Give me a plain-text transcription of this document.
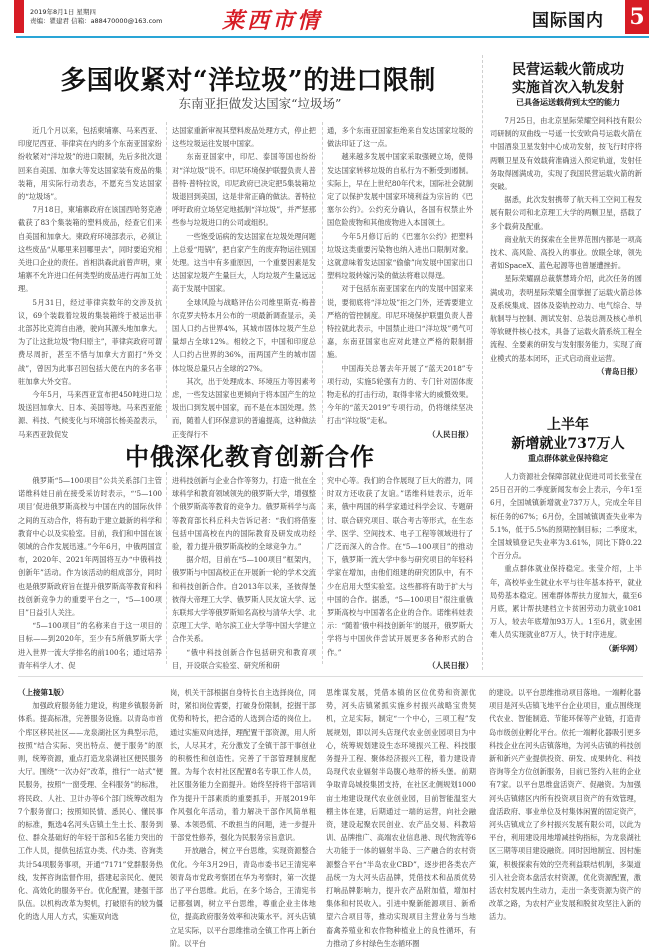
2019年8月1日 星期四
责编：瞿建君 信箱：a88470000@163.com	莱西市情	国际国内 5
多国收紧对“洋垃圾”的进口限制
东南亚拒做发达国家“垃圾场”

近几个月以来，包括柬埔寨、马来西亚、印度尼西亚、菲律宾在内的多个东南亚国家纷纷收紧对“洋垃圾”的进口限制，先后多批次退回来自美国、加拿大等发达国家装有废品的集装箱，用实际行动表态，不愿充当发达国家的“垃圾场”。

7月18日，柬埔寨政府在该国西哈努克港截获了83个集装箱的塑料废品，经查它们来自美国和加拿大。柬政府环境部表示，必须让这些废品“从哪里来回哪里去”，同时要追究相关进口企业的责任。首相洪森此前曾声明，柬埔寨不允许进口任何类型的废品进行再加工处理。

5月31日，经过菲律宾数年的交涉及抗议，69个装载着垃圾的集装箱终于被运出菲北部苏比克湾自由港，驶向其源头地加拿大。为了让这批垃圾“物归原主”，菲律宾政府可谓费尽周折，甚至不惜与加拿大方面打“外交战”，曾因为此事召回包括大使在内的多名菲驻加拿大外交官。

今年5月，马来西亚宣布把450吨进口垃圾送回加拿大、日本、美国等地。马来西亚能源、科技、气候变化与环境部长杨美盈表示，马来西亚敦促发

达国家重新审视其塑料废品处理方式，停止把这些垃圾运往发展中国家。

东南亚国家中，印尼、泰国等国也纷纷对“洋垃圾”说不。印尼环境保护联盟负责人普普特·普特拉说，印尼政府已决定把5集装箱垃圾退回到美国，这是非常正确的做法。普特拉呼吁政府立场坚定地抵制“洋垃圾”，并严惩那些参与垃圾进口的公司或组织。

一些饱受诟病的发达国家在垃圾处理问题上总爱“甩锅”，把自家产生的废弃物运往别国处理。这当中有多重原因，一个重要因素是发达国家垃圾产生量巨大，人均垃圾产生量远远高于发展中国家。

全球风险与战略评估公司维里斯克-梅普尔克罗夫特本月公布的一项最新调查显示，美国人口约占世界4%，其城市固体垃圾产生总量却占全球12%。相较之下，中国和印度总人口约占世界的36%，而两国产生的城市固体垃圾总量只占全球的27%。

其次，出于处理成本、环境压力等因素考虑，一些发达国家也更倾向于将本国产生的垃圾出口到发展中国家，而不是在本国处理。然而，随着人们环保意识的普遍提高，这种做法正变得行不

通，多个东南亚国家拒绝来自发达国家垃圾的做法印证了这一点。

越来越多发展中国家采取强硬立场，使得发达国家转移垃圾的自私行为不断受到遏制。实际上，早在上世纪80年代末，国际社会就制定了以保护发展中国家环境利益为宗旨的《巴塞尔公约》。公约充分确认，各国有权禁止外国危险废物和其他废物进入本国领土。

今年5月修订后的《巴塞尔公约》把塑料垃圾这类重要污染物也纳入进出口限制对象。这就意味着发达国家“偷偷”向发展中国家出口塑料垃圾转嫁污染的做法将难以得逞。

对于包括东南亚国家在内的发展中国家来说，要彻底将“洋垃圾”拒之门外，还需要建立严格的管控制度。印尼环境保护联盟负责人普特拉就此表示，中国禁止进口“洋垃圾”勇气可嘉，东南亚国家也应对此建立严格的限制措施。

中国海关总署去年开展了“蓝天2018”专项行动，实施5轮强有力的、专门针对固体废物走私的打击行动，取得非常大的威慑效果。今年的“蓝天2019”专项行动，仍将继续坚决打击“洋垃圾”走私。

（人民日报）
民营运载火箭成功
实施首次入轨发射
已具备运送载荷到太空的能力

7月25日，由北京星际荣耀空间科技有限公司研制的双曲线一号遥一长安欧尚号运载火箭在中国酒泉卫星发射中心成功发射，按飞行时序将两颗卫星及有效载荷准确送入预定轨道，发射任务取得圆满成功，实现了我国民营运载火箭的新突破。

据悉，此次发射携带了航天科工空间工程发展有限公司和北京理工大学的两颗卫星，搭载了多个载荷及配重。

商业航天的探索在全世界范围内都是一项高技术、高风险、高投入的事业。放眼全球，领先者如SpaceX、蓝色起源等也曾屡遭挫折。

星际荣耀副总裁蔡慧琦介绍，此次任务的圆满成功，表明星际荣耀全面掌握了运载火箭总体及系统集成、固体及姿轨控动力、电气综合、导航制导与控制、测试发射、总装总测及核心单机等软硬件核心技术，具备了运载火箭系统工程全流程、全要素的研发与发射服务能力，实现了商业模式的基本闭环，正式启动商业运营。

（青岛日报）
上半年
新增就业737万人
重点群体就业保持稳定

人力资源社会保障部就业促进司司长张莹在25日召开的二季度新闻发布会上表示，今年1至6月，全国城镇新增就业737万人，完成全年目标任务的67%；6月份，全国城镇调查失业率为5.1%，低于5.5%的预期控制目标；二季度末，全国城镇登记失业率为3.61%，同比下降0.22个百分点。

重点群体就业保持稳定。张莹介绍，上半年，高校毕业生就业水平与往年基本持平，就业局势基本稳定。困难群体帮扶力度加大，截至6月底，累计帮扶建档立卡贫困劳动力就业1081万人，较去年底增加93万人。1至6月，就业困难人员实现就业87万人，快于时序进度。

（新华网）
中俄深化教育创新合作

俄罗斯“5—100项目”公共关系部门主管诺维科娃日前在接受采访时表示，“‘5—100项目’促进俄罗斯高校与中国在内的国际伙伴之间的互动合作，将有助于建立最新的科学和教育中心以及实验室。目前，我们和中国在该领域的合作发展迅速。”今年6月，中俄两国宣布，2020年、2021年两国将互办“中俄科技创新年”活动。作为该活动的组成部分，同时也是俄罗斯政府旨在提升俄罗斯高等教育和科技创新竞争力的重要平台之一，“5—100项目”日益引人关注。

“5—100项目”的名称来自于这一项目的目标——到2020年，至少有5所俄罗斯大学进入世界一流大学排名的前100名；通过培养青年科学人才、促

进科技创新与企业合作等努力，打造一批在全球科学和教育领域领先的俄罗斯大学，增强整个俄罗斯高等教育的竞争力。俄罗斯科学与高等教育部长科丘科夫告诉记者：“我们将借鉴包括中国高校在内的国际教育及研发成功经验，着力提升俄罗斯高校的全球竞争力。”

据介绍，目前在“5—100项目”框架内，俄罗斯与中国高校正在开展新一轮的学术交流和科技创新合作。自2013年以来，圣彼得堡彼得大帝理工大学、俄罗斯人民友谊大学、远东联邦大学等俄罗斯知名高校与清华大学、北京理工大学、哈尔滨工业大学等中国大学建立合作关系。

“俄中科技创新合作包括研究和教育项目，开设联合实验室、研究所和研

究中心等。我们的合作展现了巨大的潜力，同时双方还收获了友谊。”诺维科娃表示，近年来，俄中两国的科学家通过科学会议、专题研讨、联合研究项目、联合考古等形式，在生态学、医学、空间技术、电子工程等领域进行了广泛而深入的合作。在“5—100项目”的推动下，俄罗斯一流大学中参与研究项目的年轻科学家在增加，由他们组建的研究团队中，有不少在启用大型实验室。这些都将有助于扩大与中国的合作。据悉，“5—100项目”很注重俄罗斯高校与中国著名企业的合作。诺维科娃表示：“随着‘俄中科技创新年’的展开，俄罗斯大学将与中国伙伴尝试开展更多各种形式的合作。”

（人民日报）
（上接第1版）

加强政府服务能力建设，构建乡镇服务新体系。提高标准，完善服务设施。以青岛市首个库区移民社区——龙泉湖社区为典型示范，按照“结合实际、突出特点、便于服务”的原则，统筹资源，重点打造龙泉湖社区便民服务大厅。围绕“一次办好”改革，推行“一站式”便民服务，按照“一窗受理、全科服务”的标准，将民政、人社、卫计办等6个部门统筹改组为7个服务窗口；按照知民情、悉民心、懂民事的标准，甄选4名河头店镇土生土长、服务到位、群众基础好的年轻干部和5名能力突出的工作人员，提供包括宣办类、代办类、咨询类共计54项服务事项，开通“7171”党群服务热线，发挥咨询监督作用，搭建起亲民化、便民化、高效化的服务平台。优化配置，建强干部队伍。以机构改革为契机，打破原有的较为僵化的选人用人方式，实施双向选

岗，机关干部根据自身特长自主选择岗位，同时，紧扣岗位需要，打破身份限制，挖掘干部优势和特长，把合适的人选到合适的岗位上。通过实施双向选择，理配置干部资源，用人所长，人尽其才，充分激发了全镇干部干事创业的积极性和创造性。完善了干部管理制度配置。为每个农村社区配置8名专职工作人员，社区服务能力全面提升。始终坚持将干部培训作为提升干部素质的重要抓手，开展2019年作风强化年活动，着力解决干部作风简单粗暴、本领恐慌、不敢担当的问题，进一步提升干部党性修养，强化为民服务宗旨意识。

开放融合，树立平台思维，实现资源整合优化。今年3月29日，青岛市委书记王清宪率领青岛市党政考察团在华为考察时，第一次提出了平台思维。此后，在多个场合，王清宪书记都强调，树立平台思维，尊重企业主体地位，提高政府服务效率和决策水平。河头店镇立足实际，以平台思维推动全镇工作再上新台阶。以平台

思维谋发展，凭借本镇的区位优势和资源优势，河头店镇紧抓实施乡村振兴战略宝贵契机，立足实际，制定“一个中心，三项工程”发展规划，即以河头店现代农业创业园项目为中心，统筹规划建设生态环境振兴工程、科技服务提升工程、聚体经济振兴工程，着力建设青岛现代农业辐射半岛腹心地带的桥头堡。前期争取青岛城投集团支持，在社区北侧规划1000亩土地建设现代农业创业园，目前智能温室大棚主体在建，后期通过一端的运营，向社会融资，建设起聚农民创业、农产品交易、科教培训、品牌推广、高端农业信息港、现代物流等6大功能于一体的辐射半岛、三产融合的农村资源整合平台“半岛农业CBD”，逐步把各类农产品统一为大河头店品牌，凭借技术和品质优势打响品牌影响力，提升农产品附加值，增加村集体和村民收入。引进中聚新能源项目、新希望六合项目等，推动实现项目主营业务与当地畜禽养殖业和农作物种植业上的良性循环，有力推动了乡村绿色生态循环圈

的建设。以平台思维推动项目落地。一端孵化器项目是河头店镇飞地平台企业项目，重点围绕现代农业、智能制造、节能环保等产业链，打造青岛市级创业孵化平台。依托一端孵化器吸引更多科技企业在河头店镇落地，为河头店镇的科技创新和新兴产业提供投资、研发、成果转化、科技咨询等全方位创新服务，目前已签约入驻的企业有7家。以平台思维盘活资产、促融资。为加强河头店镇辖区内所有投资项目资产的有效管理，盘活政府、事业单位及村集体闲置的固定资产，河头店镇成立了乡村振兴发展有限公司，以此为平台，利用建设用地增减挂钩指标，为龙泉湖社区三期等项目建设融资。同时因地制宜、因村施策，积极探索有效的空壳利益联结机制，多渠道引入社会资本盘活农村资源，优化资源配置，激活农村发展内生动力，走出一条变资源为资产的改革之路，为农村产业发展和脱贫攻坚注入新的活力。
